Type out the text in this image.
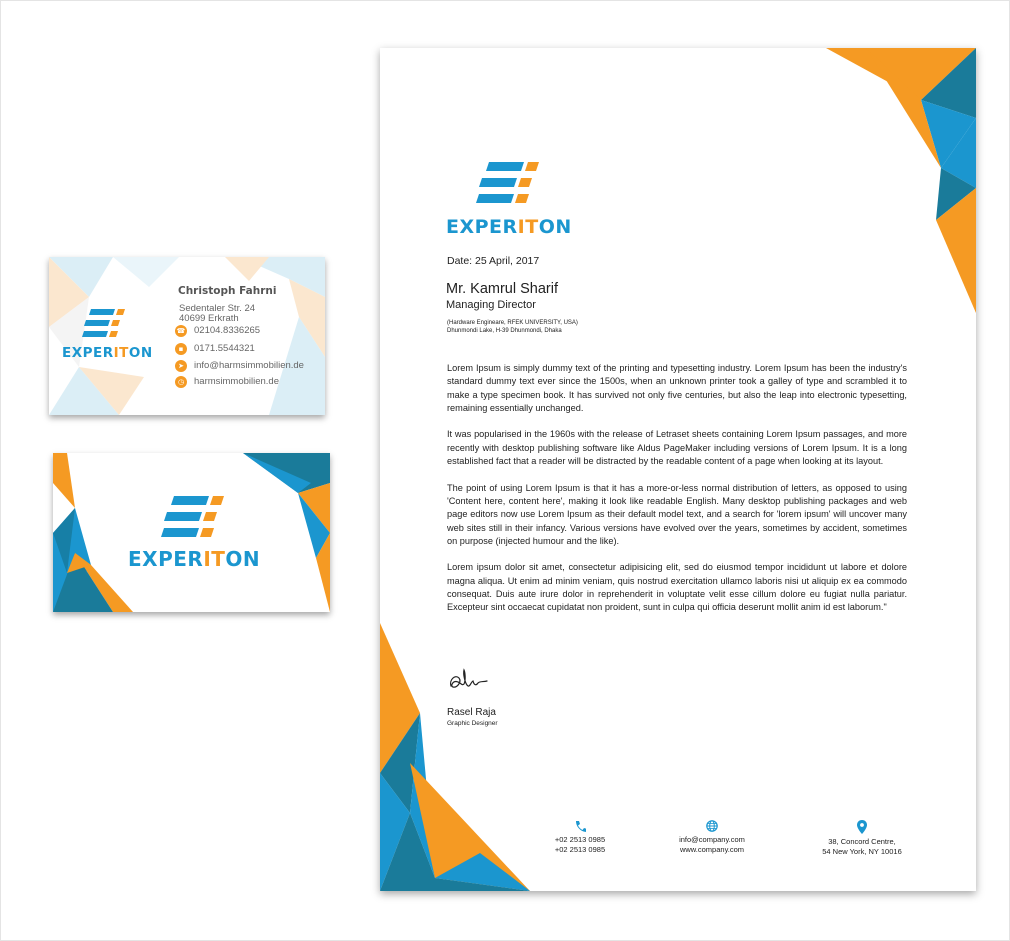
EXPERITON
Christoph Fahrni
Sedentaler Str. 24
40699 Erkrath
☎ 02104.8336265
▪	0171.5544321
➤	info@harmsimmobilien.de
◷	harmsimmobilien.de
EXPERITON
EXPERITON
Date: 25 April, 2017
Mr. Kamrul Sharif
Managing Director
(Hardware Engineare, RFEK UNIVERSITY, USA)
Dhunmondi Lake, H-39 Dhunmondi, Dhaka

Lorem Ipsum is simply dummy text of the printing and typesetting industry. Lorem Ipsum has been the industry's standard dummy text ever since the 1500s, when an unknown printer took a galley of type and scrambled it to make a type specimen book. It has survived not only five centuries, but also the leap into electronic typesetting, remaining essentially unchanged.

It was popularised in the 1960s with the release of Letraset sheets containing Lorem Ipsum passages, and more recently with desktop publishing software like Aldus PageMaker including versions of Lorem Ipsum. It is a long established fact that a reader will be distracted by the readable content of a page when looking at its layout.

The point of using Lorem Ipsum is that it has a more-or-less normal distribution of letters, as opposed to using 'Content here, content here', making it look like readable English. Many desktop publishing packages and web page editors now use Lorem Ipsum as their default model text, and a search for 'lorem ipsum' will uncover many web sites still in their infancy. Various versions have evolved over the years, sometimes by accident, sometimes on purpose (injected humour and the like).

Lorem ipsum dolor sit amet, consectetur adipisicing elit, sed do eiusmod tempor incididunt ut labore et dolore magna aliqua. Ut enim ad minim veniam, quis nostrud exercitation ullamco laboris nisi ut aliquip ex ea commodo consequat. Duis aute irure dolor in reprehenderit in voluptate velit esse cillum dolore eu fugiat nulla pariatur. Excepteur sint occaecat cupidatat non proident, sunt in culpa qui officia deserunt mollit anim id est laborum."

Rasel Raja
Graphic Designer
+02 2513 0985
+02 2513 0985
info@company.com
www.company.com
38, Concord Centre,
54 New York, NY 10016
